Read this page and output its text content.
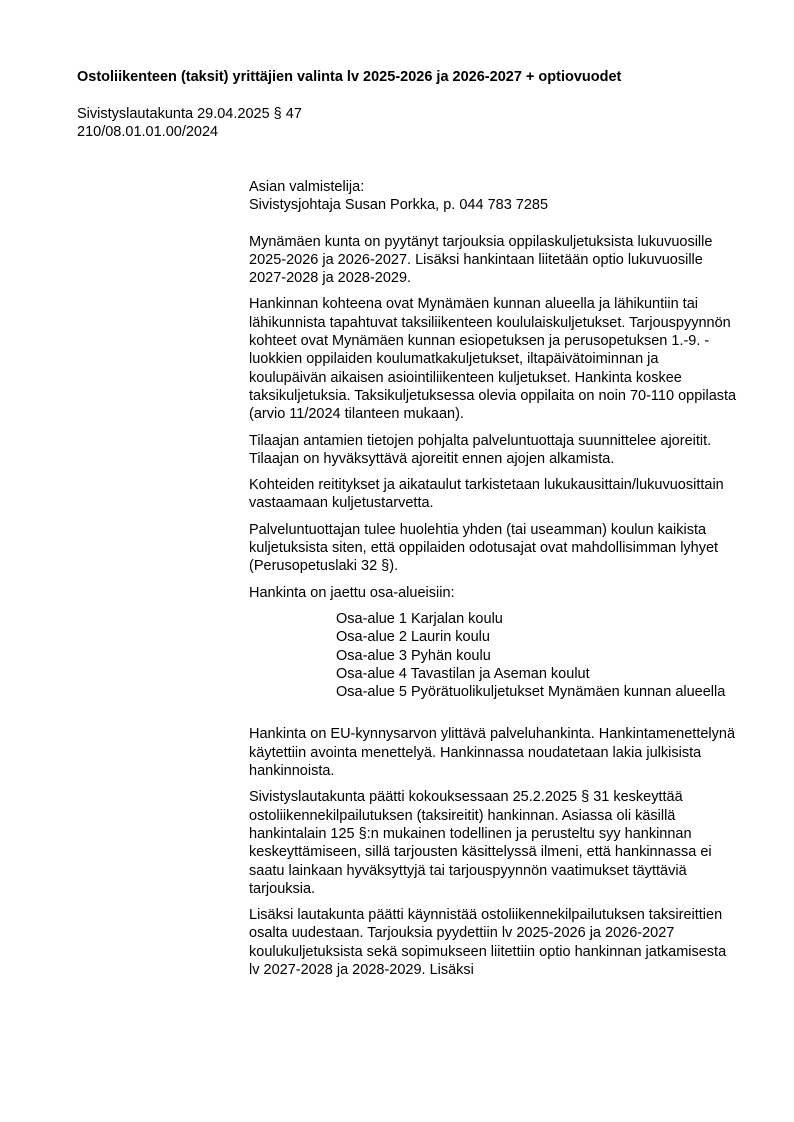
Ostoliikenteen (taksit) yrittäjien valinta lv 2025-2026 ja 2026-2027 + optiovuodet
Sivistyslautakunta 29.04.2025 § 47
210/08.01.01.00/2024

Asian valmistelija:
Sivistysjohtaja Susan Porkka, p. 044 783 7285

Mynämäen kunta on pyytänyt tarjouksia oppilaskuljetuksista lukuvuosille 2025-2026 ja 2026-2027. Lisäksi hankintaan liitetään optio lukuvuosille 2027-2028 ja 2028-2029.

Hankinnan kohteena ovat Mynämäen kunnan alueella ja lähikuntiin tai lähikunnista tapahtuvat taksiliikenteen koululaiskuljetukset. Tarjouspyynnön kohteet ovat Mynämäen kunnan esiopetuksen ja perusopetuksen 1.-9. -luokkien oppilaiden koulumatkakuljetukset, iltapäivätoiminnan ja koulupäivän aikaisen asiointiliikenteen kuljetukset. Hankinta koskee taksikuljetuksia. Taksikuljetuksessa olevia oppilaita on noin 70-110 oppilasta (arvio 11/2024 tilanteen mukaan).

Tilaajan antamien tietojen pohjalta palveluntuottaja suunnittelee ajoreitit. Tilaajan on hyväksyttävä ajoreitit ennen ajojen alkamista.

Kohteiden reititykset ja aikataulut tarkistetaan lukukausittain/lukuvuosittain vastaamaan kuljetustarvetta.

Palveluntuottajan tulee huolehtia yhden (tai useamman) koulun kaikista kuljetuksista siten, että oppilaiden odotusajat ovat mahdollisimman lyhyet (Perusopetuslaki 32 §).

Hankinta on jaettu osa-alueisiin:

Osa-alue 1 Karjalan koulu
Osa-alue 2 Laurin koulu
Osa-alue 3 Pyhän koulu
Osa-alue 4 Tavastilan ja Aseman koulut
Osa-alue 5 Pyörätuolikuljetukset Mynämäen kunnan alueella

Hankinta on EU-kynnysarvon ylittävä palveluhankinta. Hankintamenettelynä käytettiin avointa menettelyä. Hankinnassa noudatetaan lakia julkisista hankinnoista.

Sivistyslautakunta päätti kokouksessaan 25.2.2025 § 31 keskeyttää ostoliikennekilpailutuksen (taksireitit) hankinnan. Asiassa oli käsillä hankintalain 125 §:n mukainen todellinen ja perusteltu syy hankinnan keskeyttämiseen, sillä tarjousten käsittelyssä ilmeni, että hankinnassa ei saatu lainkaan hyväksyttyjä tai tarjouspyynnön vaatimukset täyttäviä tarjouksia.

Lisäksi lautakunta päätti käynnistää ostoliikennekilpailutuksen taksireittien osalta uudestaan. Tarjouksia pyydettiin lv 2025-2026 ja 2026-2027 koulukuljetuksista sekä sopimukseen liitettiin optio hankinnan jatkamisesta lv 2027-2028 ja 2028-2029. Lisäksi
